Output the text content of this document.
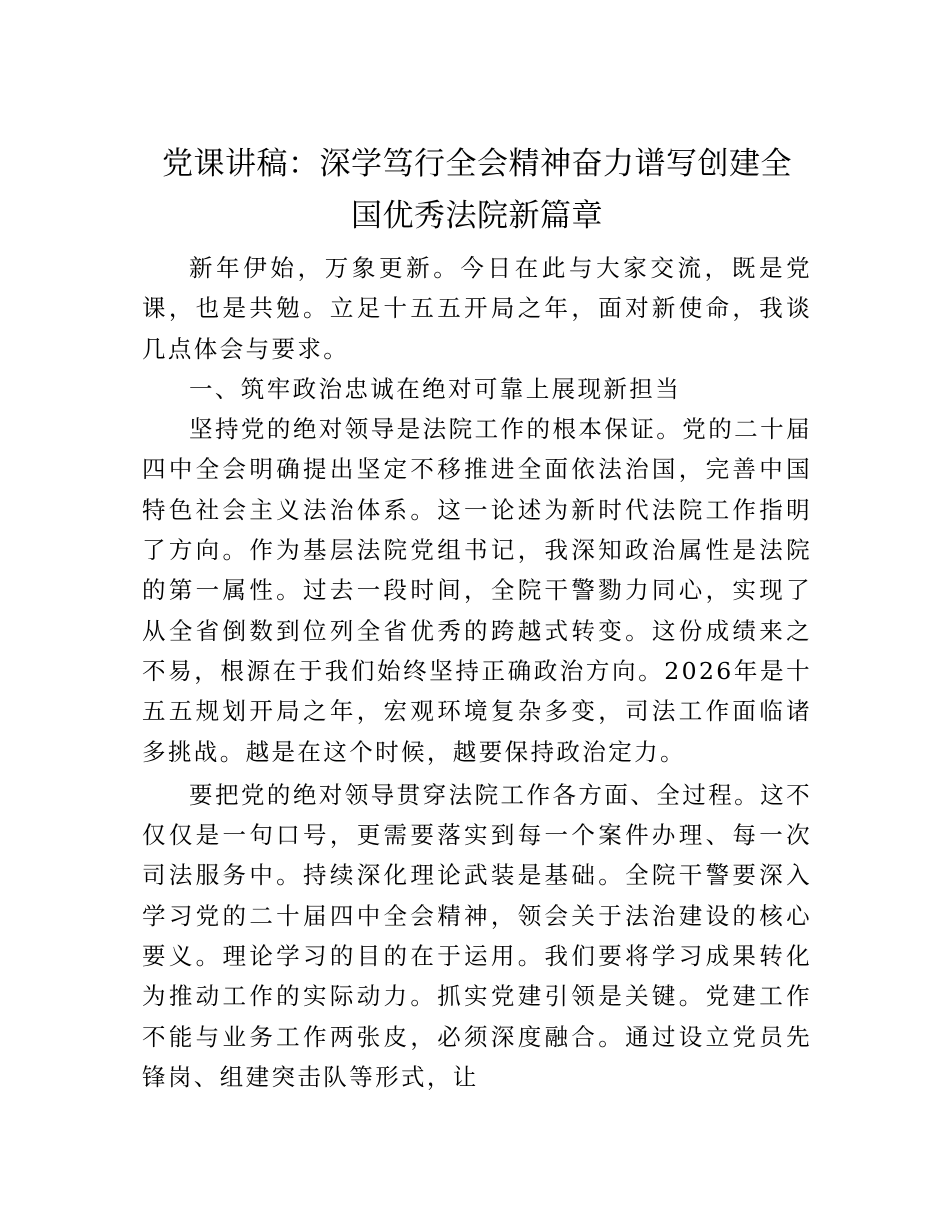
党课讲稿：深学笃行全会精神奋力谱写创建全
国优秀法院新篇章

新年伊始，万象更新。今日在此与大家交流，既是党课，也是共勉。立足十五五开局之年，面对新使命，我谈几点体会与要求。

一、筑牢政治忠诚在绝对可靠上展现新担当

坚持党的绝对领导是法院工作的根本保证。党的二十届四中全会明确提出坚定不移推进全面依法治国，完善中国特色社会主义法治体系。这一论述为新时代法院工作指明了方向。作为基层法院党组书记，我深知政治属性是法院的第一属性。过去一段时间，全院干警勠力同心，实现了从全省倒数到位列全省优秀的跨越式转变。这份成绩来之不易，根源在于我们始终坚持正确政治方向。2026年是十五五规划开局之年，宏观环境复杂多变，司法工作面临诸多挑战。越是在这个时候，越要保持政治定力。

要把党的绝对领导贯穿法院工作各方面、全过程。这不仅仅是一句口号，更需要落实到每一个案件办理、每一次司法服务中。持续深化理论武装是基础。全院干警要深入学习党的二十届四中全会精神，领会关于法治建设的核心要义。理论学习的目的在于运用。我们要将学习成果转化为推动工作的实际动力。抓实党建引领是关键。党建工作不能与业务工作两张皮，必须深度融合。通过设立党员先锋岗、组建突击队等形式，让
